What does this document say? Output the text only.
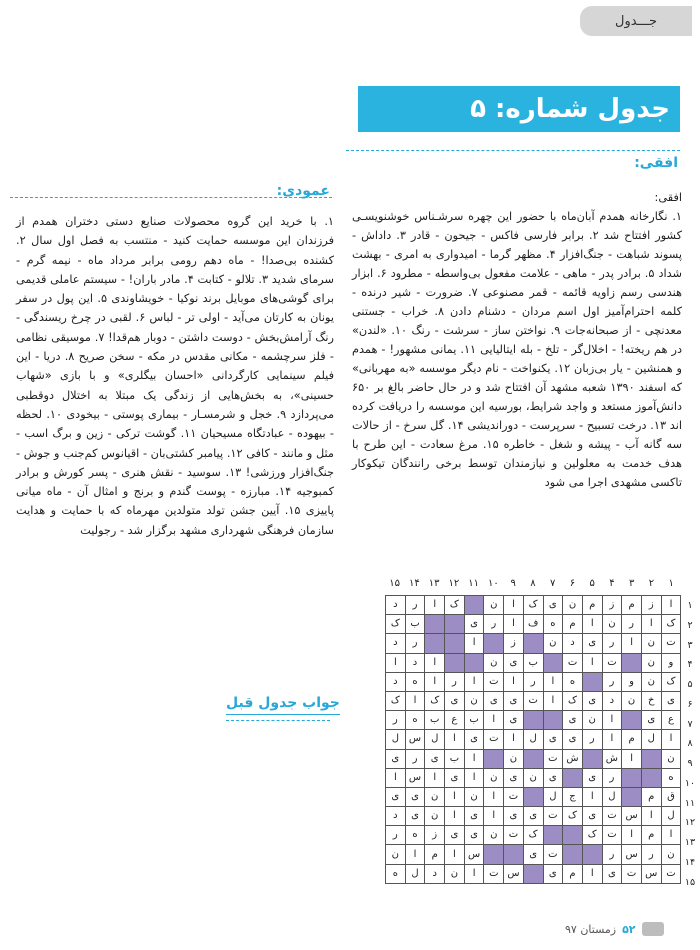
جـــدول
جدول شماره: ۵
افقی:
افقی:
۱. نگارخانه همدم آبان‌ماه با حضور این چهره سرشـناس خوشنویسـی کشور افتتاح شد ۲. برابر فارسی فاکس - جیحون - قادر ۳. داداش - پسوند شباهت - جنگ‌افزار ۴. مظهر گرما - امیدواری به امری - بهشت شداد ۵. برادر پدر - ماهی - علامت مفعول بی‌واسطه - مطرود ۶. ابزار هندسی رسم زاویه قائمه - قمر مصنوعی ۷. ضرورت - شیر درنده - کلمه احترام‌آمیز اول اسم مردان - دشنام دادن ۸. خراب - جستنی معدنچی - از صبحانه‌جات ۹. نواختن ساز - سرشت - رنگ ۱۰. «لندن» در هم ریخته! - اخلال‌گر - تلخ - بله ایتالیایی ۱۱. یمانی مشهور! - همدم و همنشین - یار بی‌زبان ۱۲. یکنواخت - نام دیگر موسسه «به مهربانی» که اسفند ۱۳۹۰ شعبه مشهد آن افتتاح شد و در حال حاضر بالغ بر ۶۵۰ دانش‌آموز مستعد و واجد شرایط، بورسیه این موسسه را دریافت کرده اند ۱۳. درخت تسبیح - سرپرست - دوراندیشی ۱۴. گل سرخ - از حالات سه گانه آب - پیشه و شغل - خاطره ۱۵. مرغ سعادت - این طرح با هدف خدمت به معلولین و نیازمندان توسط برخی رانندگان تیکوکار تاکسی مشهدی اجرا می شود
عمودی:
۱. با خرید این گروه محصولات صنایع دستی دختران همدم از فرزندان این موسسه حمایت کنید - منتسب به فصل اول سال ۲. کشنده بی‌صدا! - ماه دهم رومی برابر مرداد ماه - نیمه گرم - سرمای شدید ۳. تلالو - کتابت ۴. مادر باران! - سیستم عاملی قدیمی برای گوشی‌های موبایل برند نوکیا - خویشاوندی ۵. این پول در سفر یونان به کارتان می‌آید - اولی تر - لباس ۶. لقبی در چرخ ریسندگی - رنگ آرامش‌بخش - دوست داشتن - دوبار هم‌قدا! ۷. موسیقی نظامی - فلز سرچشمه - مکانی مقدس در مکه - سخن صریح ۸. دریا - این فیلم سینمایی کارگردانی «احسان بیگلری» و با بازی «شهاب حسینی»، به بخش‌هایی از زندگی یک مبتلا به اختلال دوقطبی می‌پردازد ۹. خجل و شرمسـار - بیماری پوستی - بیخودی ۱۰. لحظه - بیهوده - عبادتگاه مسیحیان ۱۱. گوشت ترکی - زین و برگ اسب - مثل و مانند - کافی ۱۲. پیامبر کشتی‌بان - اقیانوس کم‌جنب و جوش - جنگ‌افزار ورزشی! ۱۳. سوسید - نقش هنری - پسر کورش و برادر کمبوجیه ۱۴. مبارزه - پوست گندم و برنج و امثال آن - ماه میانی پاییزی ۱۵. آیین جشن تولد متولدین مهرماه که با حمایت و هدایت سازمان فرهنگی شهرداری مشهد برگزار شد - رجولیت
جواب جدول قبل
۱
۲
۳
۴
۵
۶
۷
۸
۹
۱۰
۱۱
۱۲
۱۳
۱۴
۱۵
۱
۲
۳
۴
۵
۶
۷
۸
۹
۱۰
۱۱
۱۲
۱۳
۱۴
۱۵
ا	ز	م	ز	م	ن	ی	ک	ا	ن		ک	ا	ر	د
ک	ا	ر	ن	ا	م	ه	ف	ا	ر	ی			ب	ک
ت	ن	ا	ر	ی	د	ن		ز		ا			ر	د
و	ن		ت	ا	ت		ب	ی	ن			ا	د	ا
ک	ن	و	ر		ه	ا	ر	ا	ت	ا	ر	ا	ه	د
ی	خ	ن	د	ی	ک	ا	ت	ی	ی	ن	ی	ک	ا	ک
ع	ی		ا	ن	ی			ی	ا	ب	ع	ب	ه	ر
ا	ل	م	ا	ر	ی	ی	ل	ا	ت	ی	ا	ل	س	ل
ن		ا	ش		ش	ت		ن		ا	ب	ی	ر	ی
ه			ر	ی		ی	ن	ی	ن	ا	ی	ا	س	ا
ق	م		ل	ا	ج	ل		ت	ا	ن	ا	ن	ی	ی
ل	ا	س	ت	ی	ک	ت	ی	ی	ا	ی	ا	ن	ی	د
ا	م	ا	ت	ک			ک	ت	ن	ی	ی	ز	ه	ر
ن	ر	س	ر			ت	ی			س	ا	م	ا	ن
ت	س	ت	ی	ا	م	ی		س	ت	ا	ن	د	ل	ه
۵۲
زمستان ۹۷
